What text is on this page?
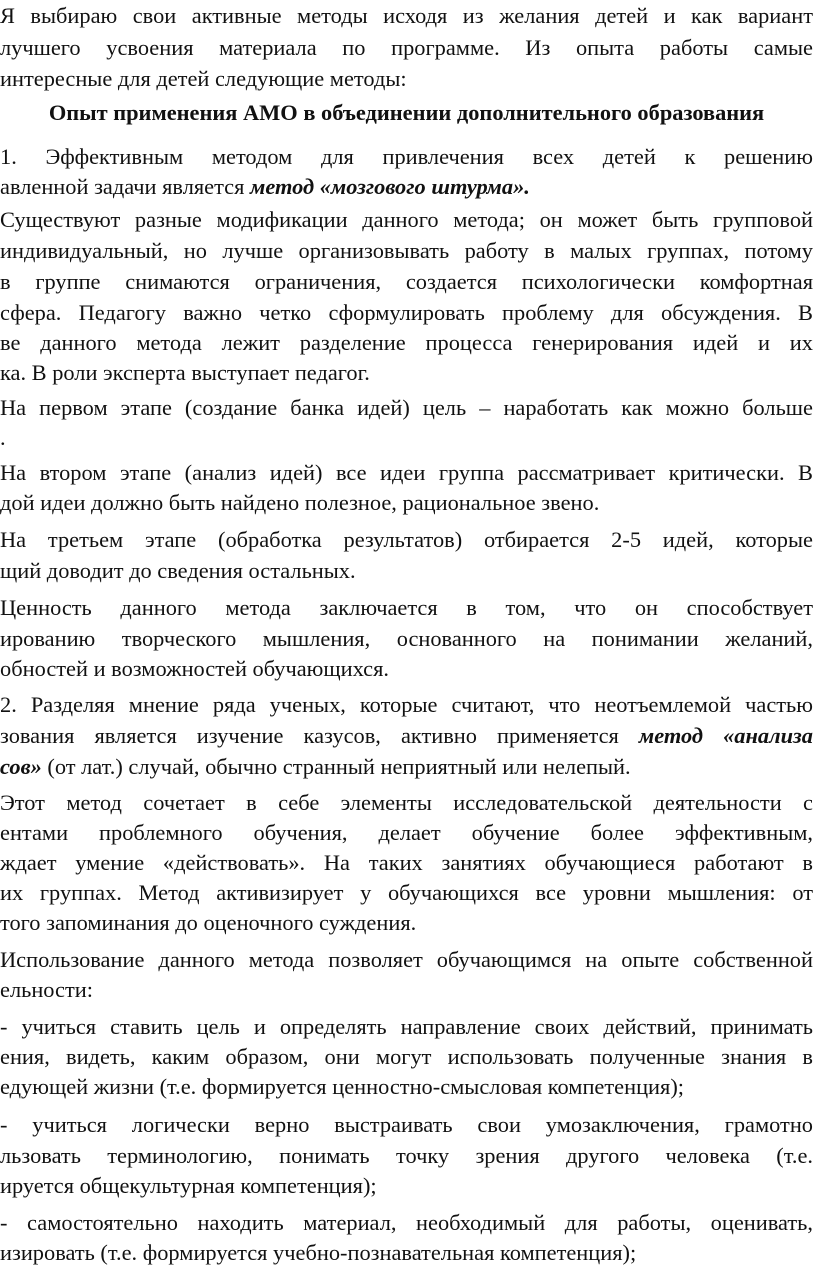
Я выбираю свои активные методы исходя из желания детей и как вариант
лучшего усвоения материала по программе. Из опыта работы самые
интересные для детей следующие методы:
Опыт применения АМО в объединении дополнительного образования
1. Эффективным методом для привлечения всех детей к решению
авленной задачи является метод «мозгового штурма».
Существуют разные модификации данного метода; он может быть групповой
индивидуальный, но лучше организовывать работу в малых группах, потому
в группе снимаются ограничения, создается психологически комфортная
сфера. Педагогу важно четко сформулировать проблему для обсуждения. В
ве данного метода лежит разделение процесса генерирования идей и их
ка. В роли эксперта выступает педагог.
На первом этапе (создание банка идей) цель – наработать как можно больше
.
На втором этапе (анализ идей) все идеи группа рассматривает критически. В
дой идеи должно быть найдено полезное, рациональное звено.
На третьем этапе (обработка результатов) отбирается 2-5 идей, которые
щий доводит до сведения остальных.
Ценность данного метода заключается в том, что он способствует
ированию творческого мышления, основанного на понимании желаний,
обностей и возможностей обучающихся.
2. Разделяя мнение ряда ученых, которые считают, что неотъемлемой частью
зования является изучение казусов, активно применяется метод «анализа
сов» (от лат.) случай, обычно странный неприятный или нелепый.
Этот метод сочетает в себе элементы исследовательской деятельности с
ентами проблемного обучения, делает обучение более эффективным,
ждает умение «действовать». На таких занятиях обучающиеся работают в
их группах. Метод активизирует у обучающихся все уровни мышления: от
того запоминания до оценочного суждения.
Использование данного метода позволяет обучающимся на опыте собственной
ельности:
- учиться ставить цель и определять направление своих действий, принимать
ения, видеть, каким образом, они могут использовать полученные знания в
едующей жизни (т.е. формируется ценностно-смысловая компетенция);
- учиться логически верно выстраивать свои умозаключения, грамотно
льзовать терминологию, понимать точку зрения другого человека (т.е.
ируется общекультурная компетенция);
- самостоятельно находить материал, необходимый для работы, оценивать,
изировать (т.е. формируется учебно-познавательная компетенция);
